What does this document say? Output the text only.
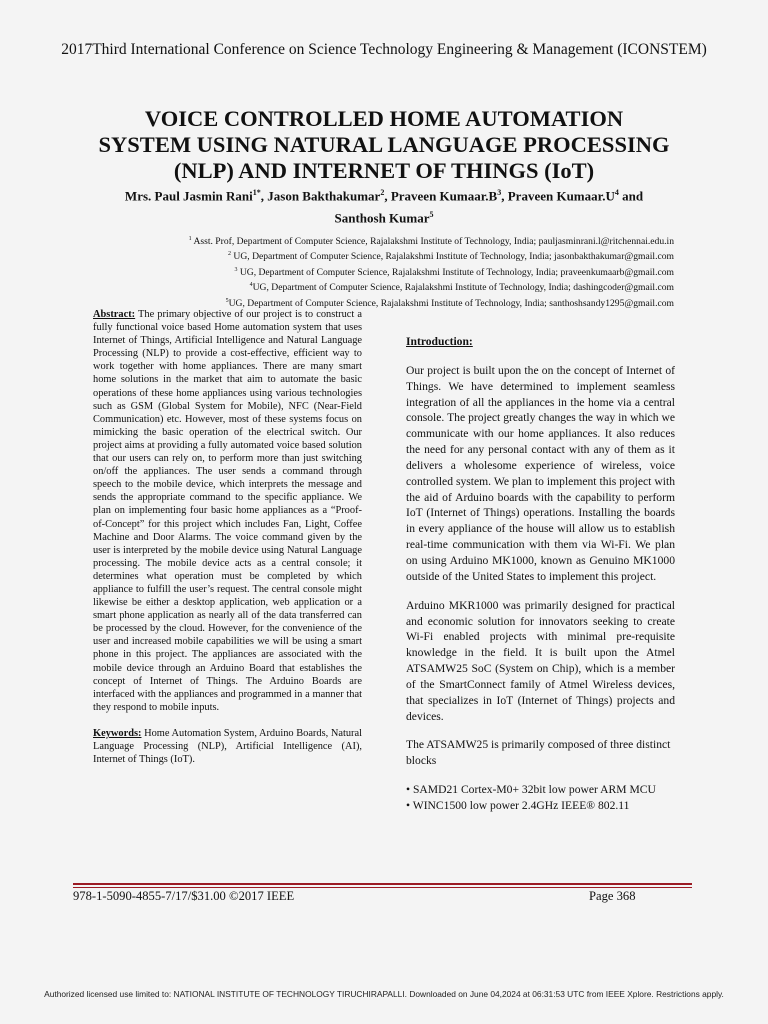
2017Third International Conference on Science Technology Engineering & Management (ICONSTEM)
VOICE CONTROLLED HOME AUTOMATION
SYSTEM USING NATURAL LANGUAGE PROCESSING
(NLP) AND INTERNET OF THINGS (IoT)
Mrs. Paul Jasmin Rani$^{1*}$, Jason Bakthakumar$^2$, Praveen $Kumaar.B^3$, Praveen $Kumaar.U^4$ and
Santhosh Kumar$^5$
$^1$ Asst. Prof, Department of Computer Science, Rajalakshmi Institute of Technology, India; pauljasminrani.l@ritchennai.edu.in
$^2$ UG, Department of Computer Science, Rajalakshmi Institute of Technology, India; jasonbakthakumar@gmail.com
$^3$ UG, Department of Computer Science, Rajalakshmi Institute of Technology, India; praveenkumaarb@gmail.com
$^4$UG, Department of Computer Science, Rajalakshmi Institute of Technology, India; dashingcoder@gmail.com
$^5$UG, Department of Computer Science, Rajalakshmi Institute of Technology, India; santhoshsandy1295@gmail.com

Abstract: The primary objective of our project is to construct a fully functional voice based Home automation system that uses Internet of Things, Artificial Intelligence and Natural Language Processing (NLP) to provide a cost-effective, efficient way to work together with home appliances. There are many smart home solutions in the market that aim to automate the basic operations of these home appliances using various technologies such as GSM (Global System for Mobile), NFC (Near-Field Communication) etc. However, most of these systems focus on mimicking the basic operation of the electrical switch. Our project aims at providing a fully automated voice based solution that our users can rely on, to perform more than just switching on/off the appliances. The user sends a command through speech to the mobile device, which interprets the message and sends the appropriate command to the specific appliance. We plan on implementing four basic home appliances as a “Proof-of-Concept” for this project which includes Fan, Light, Coffee Machine and Door Alarms. The voice command given by the user is interpreted by the mobile device using Natural Language processing. The mobile device acts as a central console; it determines what operation must be completed by which appliance to fulfill the user’s request. The central console might likewise be either a desktop application, web application or a smart phone application as nearly all of the data transferred can be processed by the cloud. However, for the convenience of the user and increased mobile capabilities we will be using a smart phone in this project. The appliances are associated with the mobile device through an Arduino Board that establishes the concept of Internet of Things. The Arduino Boards are interfaced with the appliances and programmed in a manner that they respond to mobile inputs.

Keywords: Home Automation System, Arduino Boards, Natural Language Processing (NLP), Artificial Intelligence (AI), Internet of Things (IoT).

Introduction:

Our project is built upon the on the concept of Internet of Things. We have determined to implement seamless integration of all the appliances in the home via a central console. The project greatly changes the way in which we communicate with our home appliances. It also reduces the need for any personal contact with any of them as it delivers a wholesome experience of wireless, voice controlled system. We plan to implement this project with the aid of Arduino boards with the capability to perform IoT (Internet of Things) operations. Installing the boards in every appliance of the house will allow us to establish real-time communication with them via Wi-Fi. We plan on using Arduino MK1000, known as Genuino MK1000 outside of the United States to implement this project.

Arduino MKR1000 was primarily designed for practical and economic solution for innovators seeking to create Wi-Fi enabled projects with minimal pre-requisite knowledge in the field. It is built upon the Atmel ATSAMW25 SoC (System on Chip), which is a member of the SmartConnect family of Atmel Wireless devices, that specializes in IoT (Internet of Things) projects and devices.

The ATSAMW25 is primarily composed of three distinct blocks

• SAMD21 Cortex-M0+ 32bit low power ARM MCU

• WINC1500 low power 2.4GHz IEEE® 802.11

978-1-5090-4855-7/17/$31.00 ©2017 IEEE	Page 368
Authorized licensed use limited to: NATIONAL INSTITUTE OF TECHNOLOGY TIRUCHIRAPALLI. Downloaded on June 04,2024 at 06:31:53 UTC from IEEE Xplore. Restrictions apply.
